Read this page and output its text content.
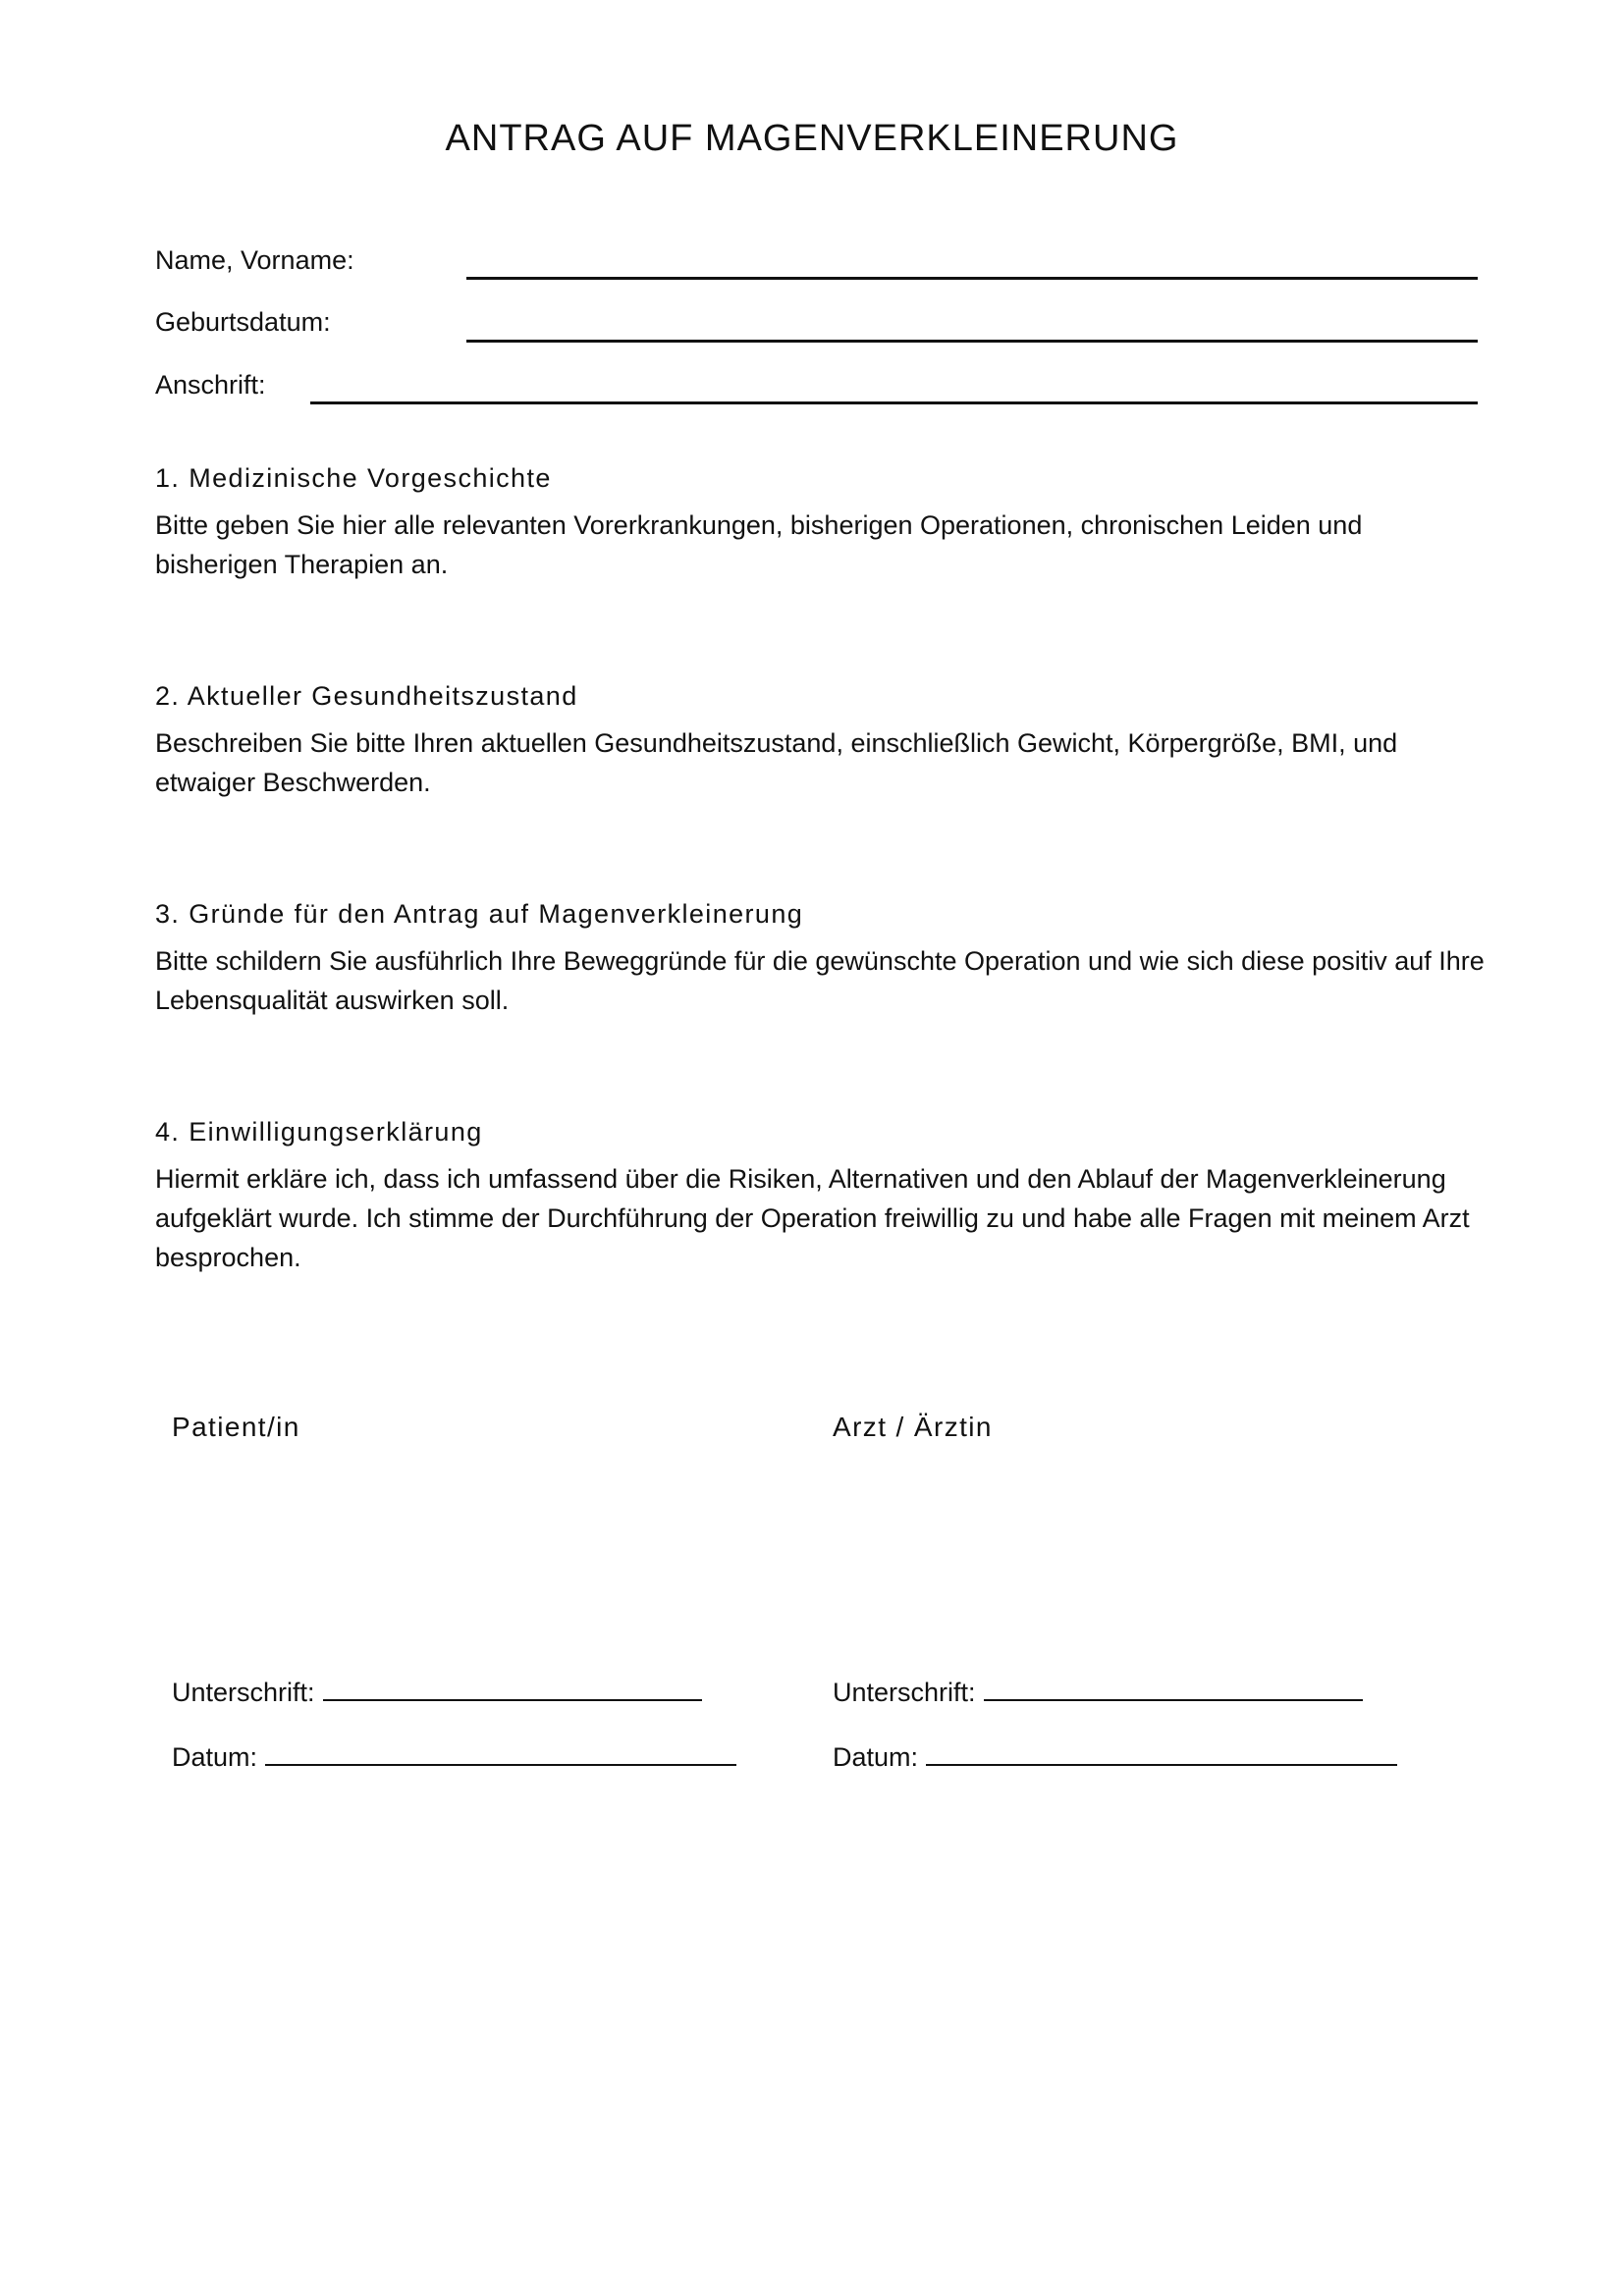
ANTRAG AUF MAGENVERKLEINERUNG
Name, Vorname:
Geburtsdatum:
Anschrift:
1. Medizinische Vorgeschichte

Bitte geben Sie hier alle relevanten Vorerkrankungen, bisherigen Operationen, chronischen Leiden und bisherigen Therapien an.

2. Aktueller Gesundheitszustand

Beschreiben Sie bitte Ihren aktuellen Gesundheitszustand, einschließlich Gewicht, Körpergröße, BMI, und etwaiger Beschwerden.

3. Gründe für den Antrag auf Magenverkleinerung

Bitte schildern Sie ausführlich Ihre Beweggründe für die gewünschte Operation und wie sich diese positiv auf Ihre Lebensqualität auswirken soll.

4. Einwilligungserklärung

Hiermit erkläre ich, dass ich umfassend über die Risiken, Alternativen und den Ablauf der Magenverkleinerung aufgeklärt wurde. Ich stimme der Durchführung der Operation freiwillig zu und habe alle Fragen mit meinem Arzt besprochen.

Patient/in
Unterschrift:
Datum:
Arzt / Ärztin
Unterschrift:
Datum:
